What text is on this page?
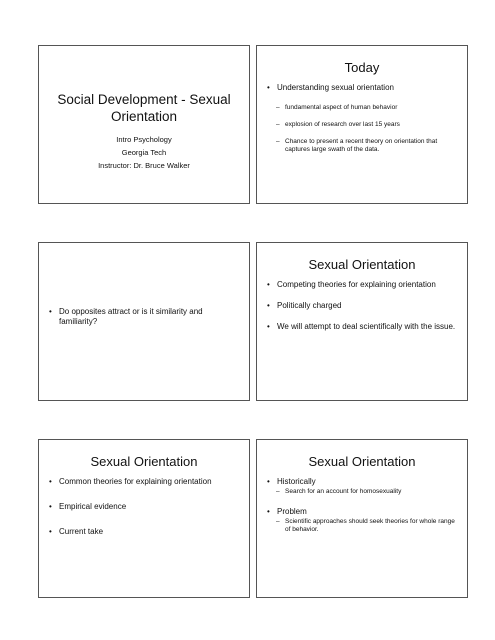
Social Development - Sexual Orientation
Intro Psychology
Georgia Tech
Instructor: Dr. Bruce Walker
Today
• Understanding sexual orientation
– fundamental aspect of human behavior
– explosion of research over last 15 years
– Chance to present a recent theory on orientation that captures large swath of the data.
• Do opposites attract or is it similarity and familiarity?
Sexual Orientation
• Competing theories for explaining orientation
• Politically charged
• We will attempt to deal scientifically with the issue.
Sexual Orientation
• Common theories for explaining orientation
• Empirical evidence
• Current take
Sexual Orientation
• Historically
– Search for an account for homosexuality
• Problem
– Scientific approaches should seek theories for whole range of behavior.
